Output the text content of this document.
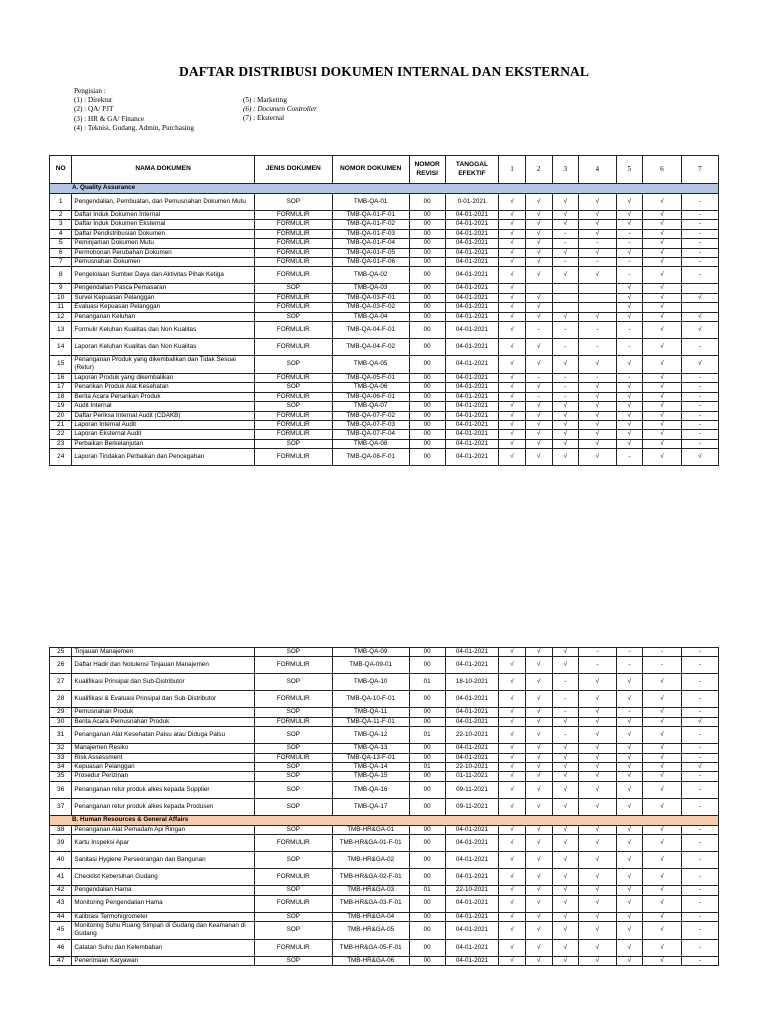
DAFTAR DISTRIBUSI DOKUMEN INTERNAL DAN EKSTERNAL
Pengisian :
(1) : Direktur
(2) : QA/ PJT
(3) : HR & GA/ Finance
(4) : Teknisi, Gudang, Admin, Purchasing
(5) : Marketing
(6) : Documen Controller
(7) : Eksternal
NO	NAMA DOKUMEN	JENIS DOKUMEN	NOMOR DOKUMEN	NOMOR REVISI	TANGGAL EFEKTIF	1	2	3	4	5	6	7
A. Quality Assurance												
1	Pengendalian, Pembuatan, dan Pemusnahan Dokumen Mutu	SOP	TMB-QA-01	00	0-01-2021	√	√	√	√	√	√	-
2	Daftar Induk Dokumen Internal	FORMULIR	TMB-QA-01-F-01	00	04-01-2021	√	√	√	√	√	√	-
3	Daftar Induk Dokumen Eksternal	FORMULIR	TMB-QA-01-F-02	00	04-01-2021	√	√	√	√	√	√	-
4	Daftar Pendistribusian Dokumen	FORMULIR	TMB-QA-01-F-03	00	04-01-2021	√	√	-	√	-	√	-
5	Peminjaman Dokumen Mutu	FORMULIR	TMB-QA-01-F-04	00	04-01-2021	√	√	-	-	-	√	-
6	Permohonan Perubahan Dokumen	FORMULIR	TMB-QA-01-F-05	00	04-01-2021	√	√	√	√	√	√	-
7	Pemusnahan Dokumen	FORMULIR	TMB-QA-01-F-06	00	04-01-2021	√	√	-	-	-	√	-
8	Pengelolaan Sumber Daya dan Aktivitas Pihak Ketiga	FORMULIR	TMB-QA-02	00	04-01-2021	√	√	√	√	-	√	-
9	Pengendalian Pasca Pemasaran	SOP	TMB-QA-03	00	04-01-2021	√				√	√	
10	Survei Kepuasan Pelanggan	FORMULIR	TMB-QA-03-F-01	00	04-01-2021	√	√			√	√	√
11	Evaluasi Kepuasan Pelanggan	FORMULIR	TMB-QA-03-F-02	00	04-01-2021	√	√			√	√	
12	Penanganan Keluhan	SOP	TMB-QA-04	00	04-01-2021	√	√	√	√	√	√	√
13	Formulir Keluhan Kualitas dan Non Kualitas	FORMULIR	TMB-QA-04-F-01	00	04-01-2021	√	-	-	-	-	√	√
14	Laporan Keluhan Kualitas dan Non Kualitas	FORMULIR	TMB-QA-04-F-02	00	04-01-2021	√	√	-	-	-	√	-
15	Penanganan Produk yang dikembalikan dan Tidak Sesuai (Retur)	SOP	TMB-QA-05	00	04-01-2021	√	√	√	√	√	√	√
16	Laporan Produk yang dikembalikan	FORMULIR	TMB-QA-05-F-01	00	04-01-2021	√	-	-	-	-	√	-
17	Penarikan Produk Alat Kesehatan	SOP	TMB-QA-06	00	04-01-2021	√	√	-	√	√	√	-
18	Berita Acara Penarikan Produk	FORMULIR	TMB-QA-06-F-01	00	04-01-2021	√	-	-	√	√	√	-
19	Audit Internal	SOP	TMB-QA-07	00	04-01-2021	√	√	√	√	√	√	-
20	Daftar Periksa Internal Audit (CDAKB)	FORMULIR	TMB-QA-07-F-02	00	04-01-2021	√	√	√	√	√	√	-
21	Laporan Internal Audit	FORMULIR	TMB-QA-07-F-03	00	04-01-2021	√	√	√	√	√	√	-
22	Laporan Eksternal Audit	FORMULIR	TMB-QA-07-F-04	00	04-01-2021	√	√	√	√	√	√	-
23	Perbaikan Berkelanjutan	SOP	TMB-QA-08	00	04-01-2021	√	√	√	√	√	√	-
24	Laporan Tindakan Perbaikan dan Pencegahan	FORMULIR	TMB-QA-08-F-01	00	04-01-2021	√	√	√	√	-	√	√
25	Tinjauan Manajemen	SOP	TMB-QA-09	00	04-01-2021	√	√	√	-	-	-	-
26	Daftar Hadir dan Notulensi Tinjauan Manajemen	FORMULIR	TMB-QA-09-01	00	04-01-2021	√	√	√	-	-	-	-
27	Kualifikasi Prinsipal dan Sub-Distributor	SOP	TMB-QA-10	01	18-10-2021	√	√	-	√	√	√	-
28	Kualifikasi & Evaluasi Prinsipal dan Sub-Distributor	FORMULIR	TMB-QA-10-F-01	00	04-01-2021	√	√	-	√	√	√	-
29	Pemusnahan Produk	SOP	TMB-QA-11	00	04-01-2021	√	√	-	√	-	√	-
30	Berita Acara Pemusnahan Produk	FORMULIR	TMB-QA-11-F-01	00	04-01-2021	√	√	√	√	√	√	√
31	Penanganan Alat Kesehatan Palsu atau Diduga Palsu	SOP	TMB-QA-12	01	22-10-2021	√	√	-	√	√	√	-
32	Manajemen Resiko	SOP	TMB-QA-13	00	04-01-2021	√	√	√	√	√	√	-
33	Risk Assessment	FORMULIR	TMB-QA-13-F-01	00	04-01-2021	√	√	√	√	√	√	-
34	Kepuasan Pelanggan	SOP	TMB-QA-14	01	22-10-2021	√	√	√	√	√	√	√
35	Prosedur Perizinan	SOP	TMB-QA-15	00	01-11-2021	√	√	√	√	√	√	-
36	Penanganan retur produk alkes kepada Supplier	SOP	TMB-QA-16	00	09-11-2021	√	√	√	√	√	√	-
37	Penanganan retur produk alkes kepada Produsen	SOP	TMB-QA-17	00	09-11-2021	√	√	√	√	√	√	-
B. Human Resources & General Affairs												
38	Penanganan Alat Pemadam Api Ringan	SOP	TMB-HR&GA-01	00	04-01-2021	√	√	√	√	√	√	-
39	Kartu Inspeksi Apar	FORMULIR	TMB-HR&GA-01-F-01	00	04-01-2021	√	√	√	√	√	√	-
40	Sanitasi Hygiene Perseorangan dan Bangunan	SOP	TMB-HR&GA-02	00	04-01-2021	√	√	√	√	√	√	-
41	Checklist Kebersihan Gudang	FORMULIR	TMB-HR&GA-02-F-01	00	04-01-2021	√	√	√	√	√	√	-
42	Pengendalian Hama	SOP	TMB-HR&GA-03	01	22-10-2021	√	√	√	√	√	√	-
43	Monitoring Pengendalian Hama	FORMULIR	TMB-HR&GA-03-F-01	00	04-01-2021	√	√	√	√	√	√	-
44	Kalibrasi Termohigrometer	SOP	TMB-HR&GA-04	00	04-01-2021	√	√	√	√	√	√	-
45	Monitoring Suhu Ruang Simpan di Gudang dan Keamanan di Gudang	SOP	TMB-HR&GA-05	00	04-01-2021	√	√	√	√	√	√	-
46	Catatan Suhu dan Kelembaban	FORMULIR	TMB-HR&GA-05-F-01	00	04-01-2021	√	√	√	√	√	√	-
47	Penerimaan Karyawan	SOP	TMB-HR&GA-06	00	04-01-2021	√	√	√	√	√	√	-
